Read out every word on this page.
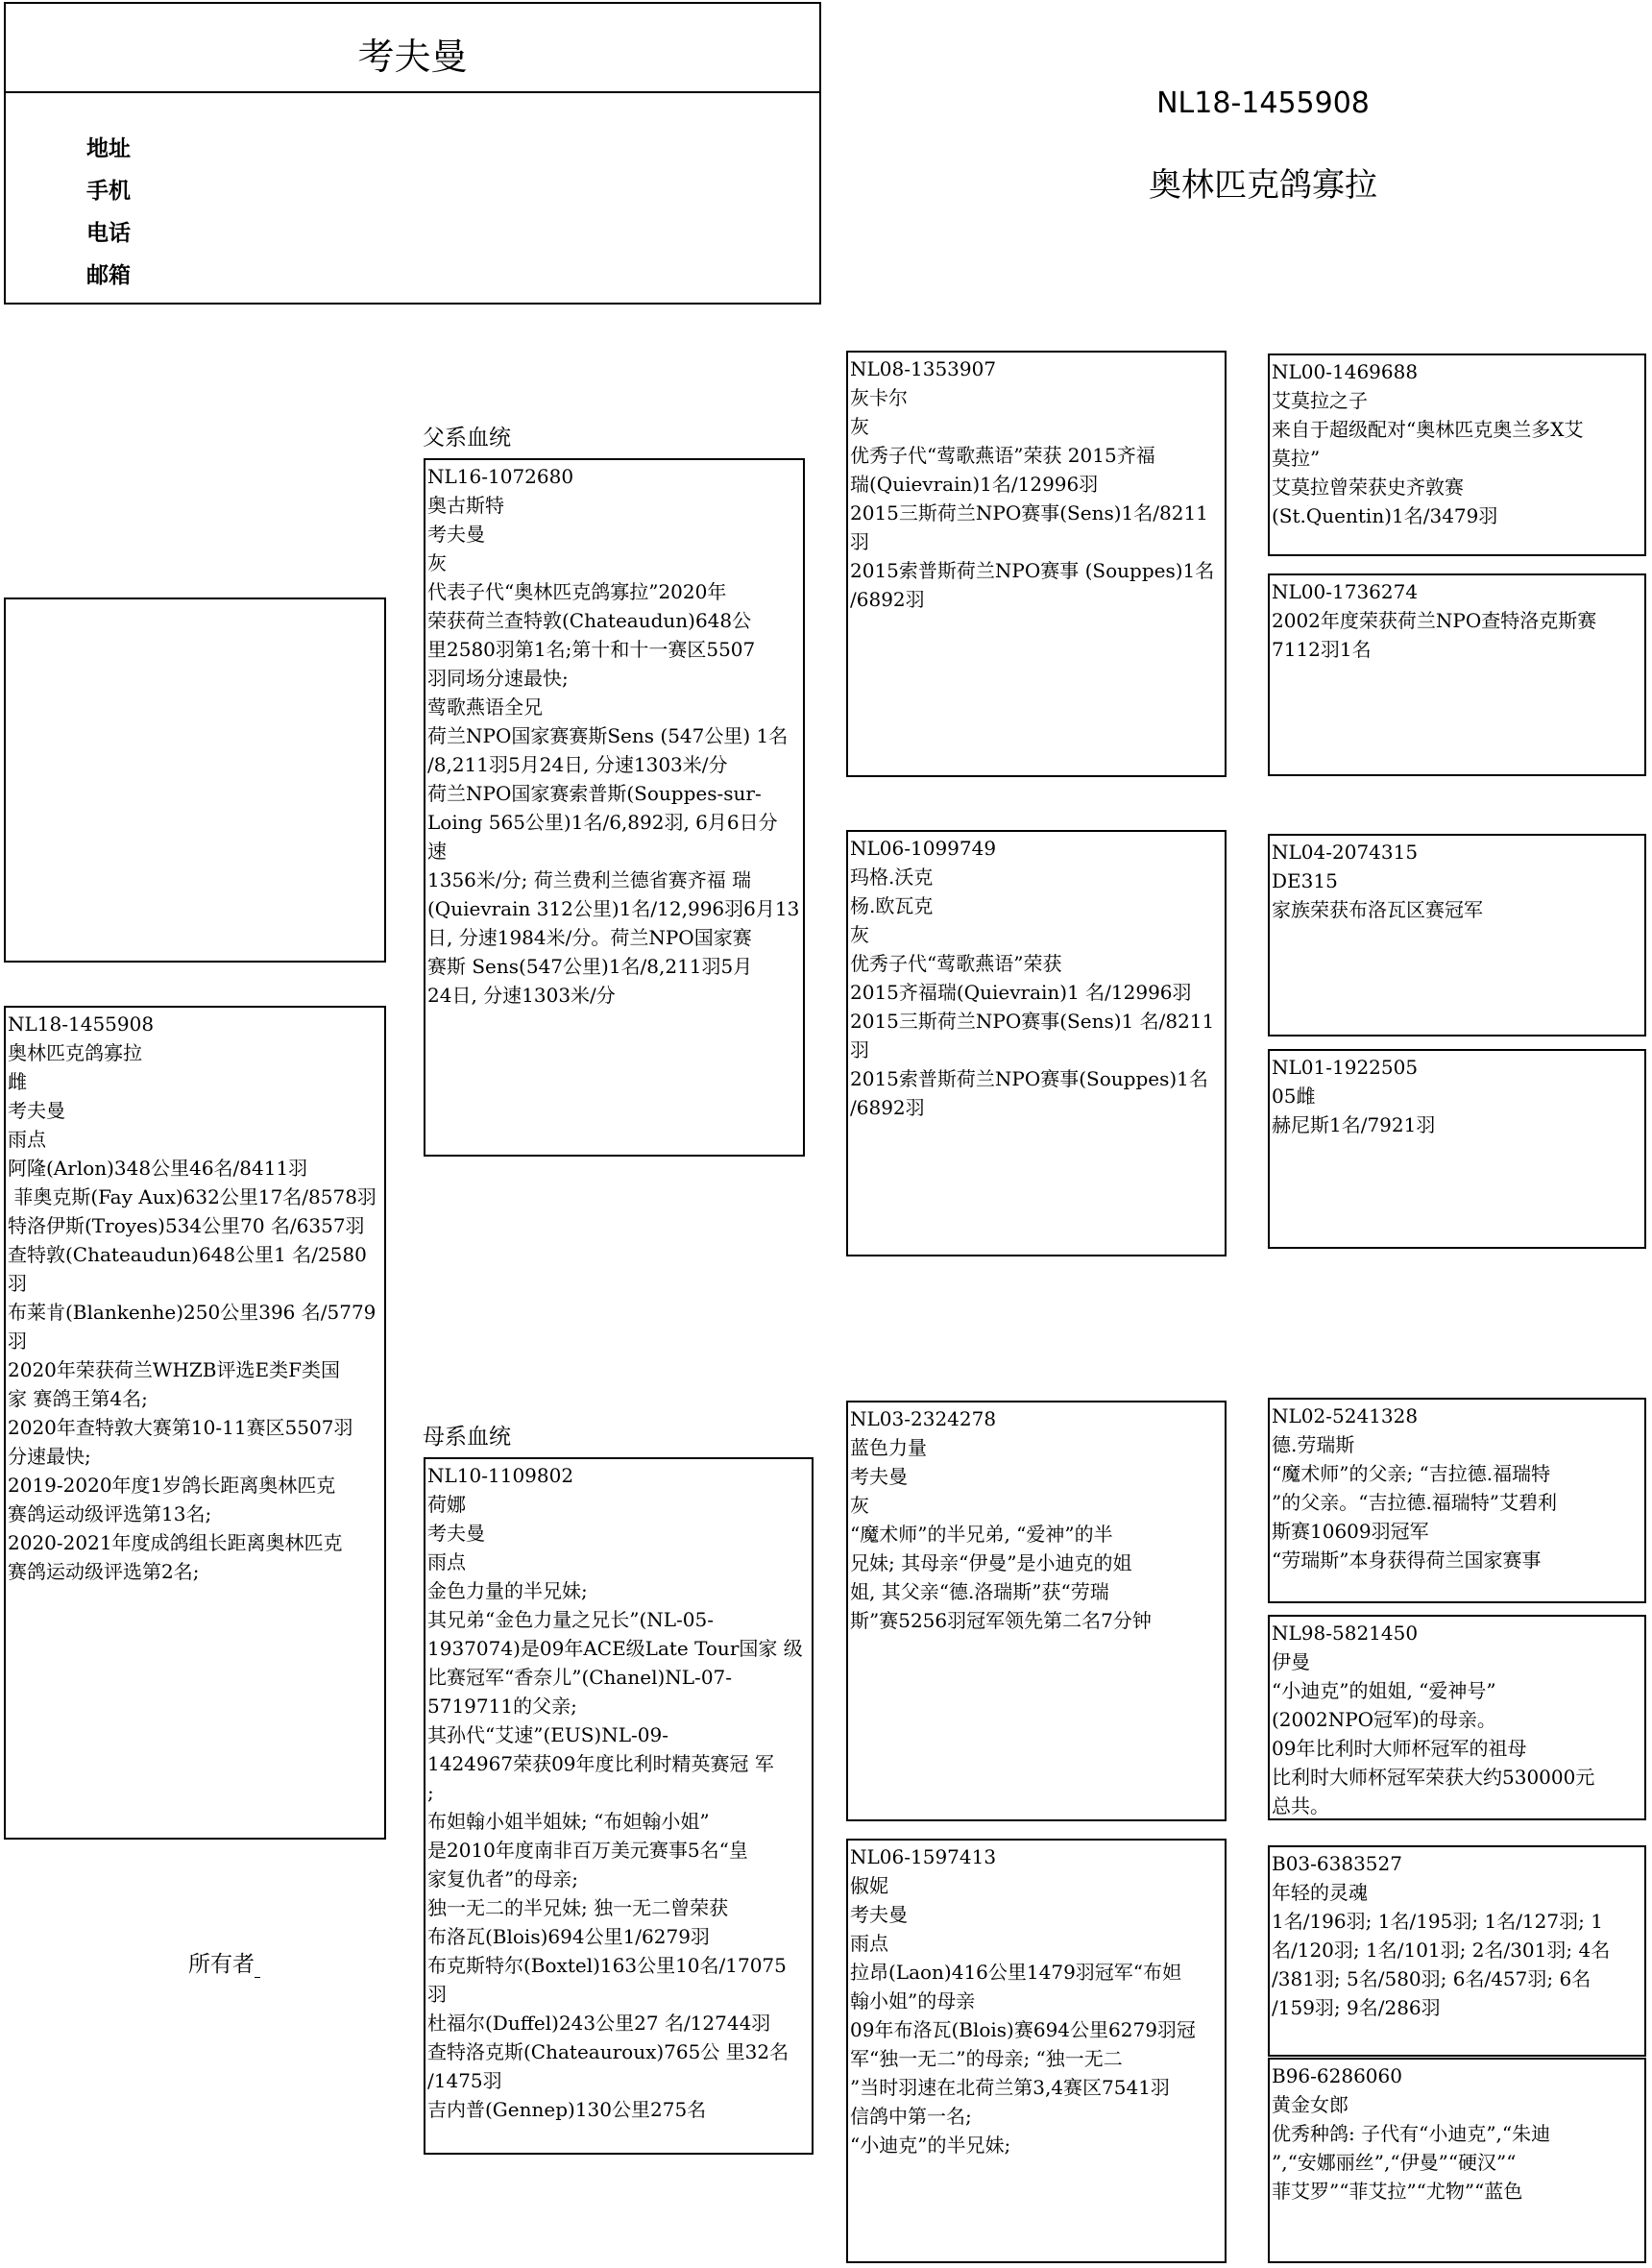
考夫曼
地址
手机
电话
邮箱
NL18-1455908
奥林匹克鸽寡拉
NL18-1455908
奥林匹克鸽寡拉
雌
考夫曼
雨点
阿隆(Arlon)348公里46名/8411羽
菲奥克斯(Fay Aux)632公里17名/8578羽
特洛伊斯(Troyes)534公里70 名/6357羽
查特敦(Chateaudun)648公里1 名/2580羽
布莱肯(Blankenhe)250公里396 名/5779
羽
2020年荣获荷兰WHZB评选E类F类国
家 赛鸽王第4名;
2020年查特敦大赛第10-11赛区5507羽
分速最快;
2019-2020年度1岁鸽长距离奥林匹克
赛鸽运动级评选第13名;
2020-2021年度成鸽组长距离奥林匹克
赛鸽运动级评选第2名;
所有者
父系血统
NL16-1072680
奥古斯特
考夫曼
灰
代表子代“奥林匹克鸽寡拉”2020年
荣获荷兰查特敦(Chateaudun)648公
里2580羽第1名;第十和十一赛区5507
羽同场分速最快;
莺歌燕语全兄
荷兰NPO国家赛赛斯Sens (547公里) 1名
/8,211羽5月24日, 分速1303米/分
荷兰NPO国家赛索普斯(Souppes-sur-
Loing 565公里)1名/6,892羽, 6月6日分
速
1356米/分; 荷兰费利兰德省赛齐福 瑞
(Quievrain 312公里)1名/12,996羽6月13
日, 分速1984米/分。荷兰NPO国家赛
赛斯 Sens(547公里)1名/8,211羽5月
24日, 分速1303米/分
母系血统
NL10-1109802
荷娜
考夫曼
雨点
金色力量的半兄妹;
其兄弟“金色力量之兄长”(NL-05-
1937074)是09年ACE级Late Tour国家 级
比赛冠军“香奈儿”(Chanel)NL-07-
5719711的父亲;
其孙代“艾速”(EUS)NL-09-
1424967荣获09年度比利时精英赛冠 军
;
布妲翰小姐半姐妹; “布妲翰小姐”
是2010年度南非百万美元赛事5名“皇
家复仇者”的母亲;
独一无二的半兄妹; 独一无二曾荣获
布洛瓦(Blois)694公里1/6279羽
布克斯特尔(Boxtel)163公里10名/17075
羽
杜福尔(Duffel)243公里27 名/12744羽
查特洛克斯(Chateauroux)765公 里32名
/1475羽
吉内普(Gennep)130公里275名
NL08-1353907
灰卡尔
灰
优秀子代“莺歌燕语”荣获 2015齐福
瑞(Quievrain)1名/12996羽
2015三斯荷兰NPO赛事(Sens)1名/8211
羽
2015索普斯荷兰NPO赛事 (Souppes)1名
/6892羽
NL06-1099749
玛格.沃克
杨.欧瓦克
灰
优秀子代“莺歌燕语”荣获
2015齐福瑞(Quievrain)1 名/12996羽
2015三斯荷兰NPO赛事(Sens)1 名/8211
羽
2015索普斯荷兰NPO赛事(Souppes)1名
/6892羽
NL03-2324278
蓝色力量
考夫曼
灰
“魔术师”的半兄弟, “爱神”的半
兄妹; 其母亲“伊曼”是小迪克的姐
姐, 其父亲“德.洛瑞斯”获“劳瑞
斯”赛5256羽冠军领先第二名7分钟
NL06-1597413
俶妮
考夫曼
雨点
拉昂(Laon)416公里1479羽冠军“布妲
翰小姐”的母亲
09年布洛瓦(Blois)赛694公里6279羽冠
军“独一无二”的母亲; “独一无二
”当时羽速在北荷兰第3,4赛区7541羽
信鸽中第一名;
“小迪克”的半兄妹;
NL00-1469688
艾莫拉之子
来自于超级配对“奥林匹克奥兰多X艾
莫拉”
艾莫拉曾荣获史齐敦赛
(St.Quentin)1名/3479羽
NL00-1736274
2002年度荣获荷兰NPO查特洛克斯赛
7112羽1名
NL04-2074315
DE315
家族荣获布洛瓦区赛冠军
NL01-1922505
05雌
赫尼斯1名/7921羽
NL02-5241328
德.劳瑞斯
“魔术师”的父亲; “吉拉德.福瑞特
”的父亲。“吉拉德.福瑞特”艾碧利
斯赛10609羽冠军
“劳瑞斯”本身获得荷兰国家赛事
NL98-5821450
伊曼
“小迪克”的姐姐, “爱神号”
(2002NPO冠军)的母亲。
09年比利时大师杯冠军的祖母
比利时大师杯冠军荣获大约530000元
总共。
B03-6383527
年轻的灵魂
1名/196羽; 1名/195羽; 1名/127羽; 1
名/120羽; 1名/101羽; 2名/301羽; 4名
/381羽; 5名/580羽; 6名/457羽; 6名
/159羽; 9名/286羽
B96-6286060
黄金女郎
优秀种鸽: 子代有“小迪克”,“朱迪
”,“安娜丽丝”,“伊曼”“硬汉”“
菲艾罗”“菲艾拉”“尤物”“蓝色
